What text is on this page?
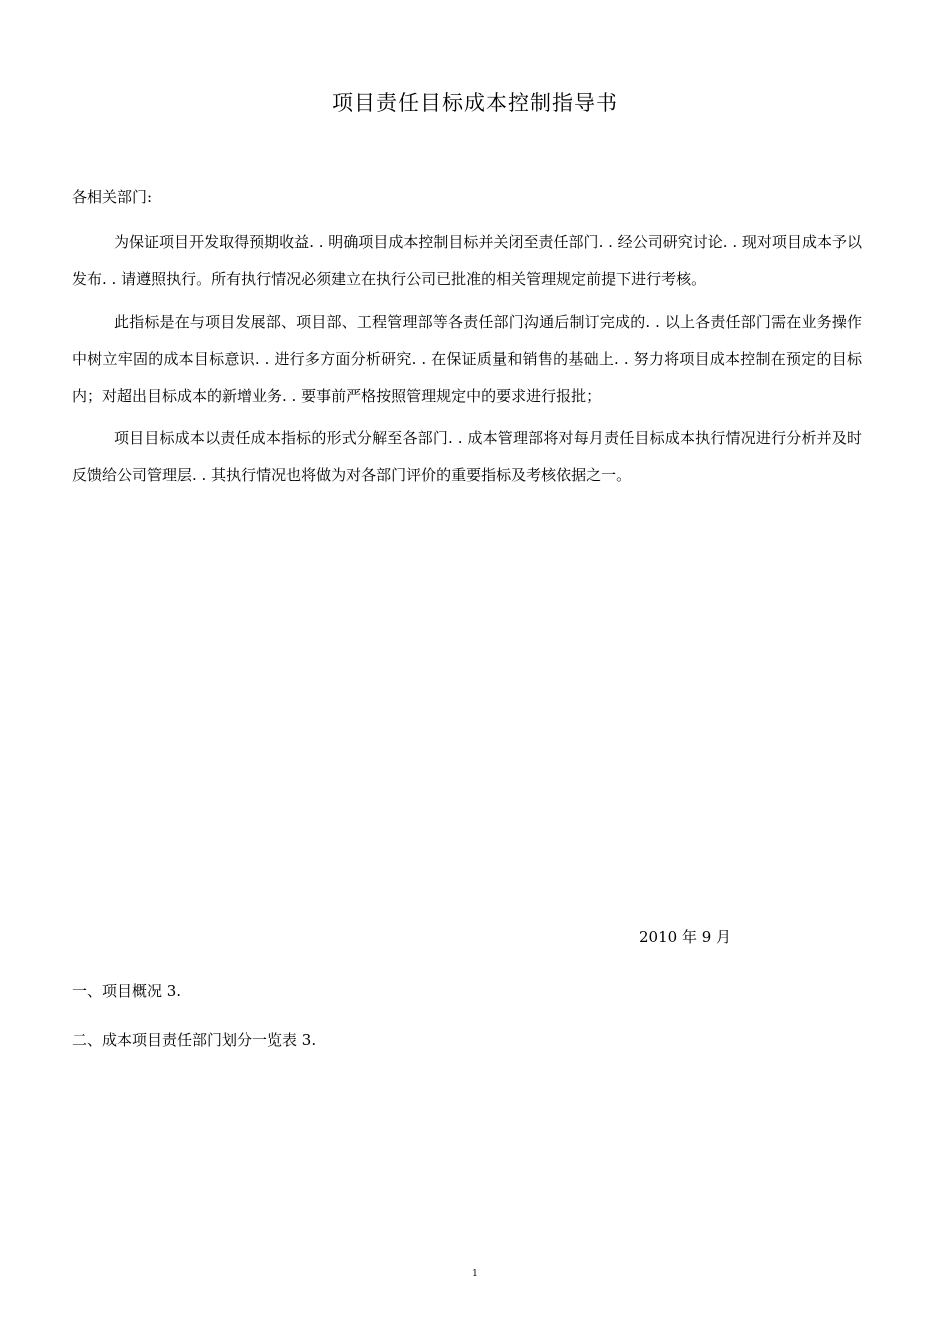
项目责任目标成本控制指导书
各相关部门:

为保证项目开发取得预期收益. . 明确项目成本控制目标并关闭至责任部门. . 经公司研究讨论. . 现对项目成本予以发布. . 请遵照执行。所有执行情况必须建立在执行公司已批准的相关管理规定前提下进行考核。

此指标是在与项目发展部、项目部、工程管理部等各责任部门沟通后制订完成的. . 以上各责任部门需在业务操作中树立牢固的成本目标意识. . 进行多方面分析研究. . 在保证质量和销售的基础上. . 努力将项目成本控制在预定的目标内；对超出目标成本的新增业务. . 要事前严格按照管理规定中的要求进行报批；

项目目标成本以责任成本指标的形式分解至各部门. . 成本管理部将对每月责任目标成本执行情况进行分析并及时反馈给公司管理层. . 其执行情况也将做为对各部门评价的重要指标及考核依据之一。

2010 年 9 月
一、项目概况 3.
二、成本项目责任部门划分一览表 3.
1
